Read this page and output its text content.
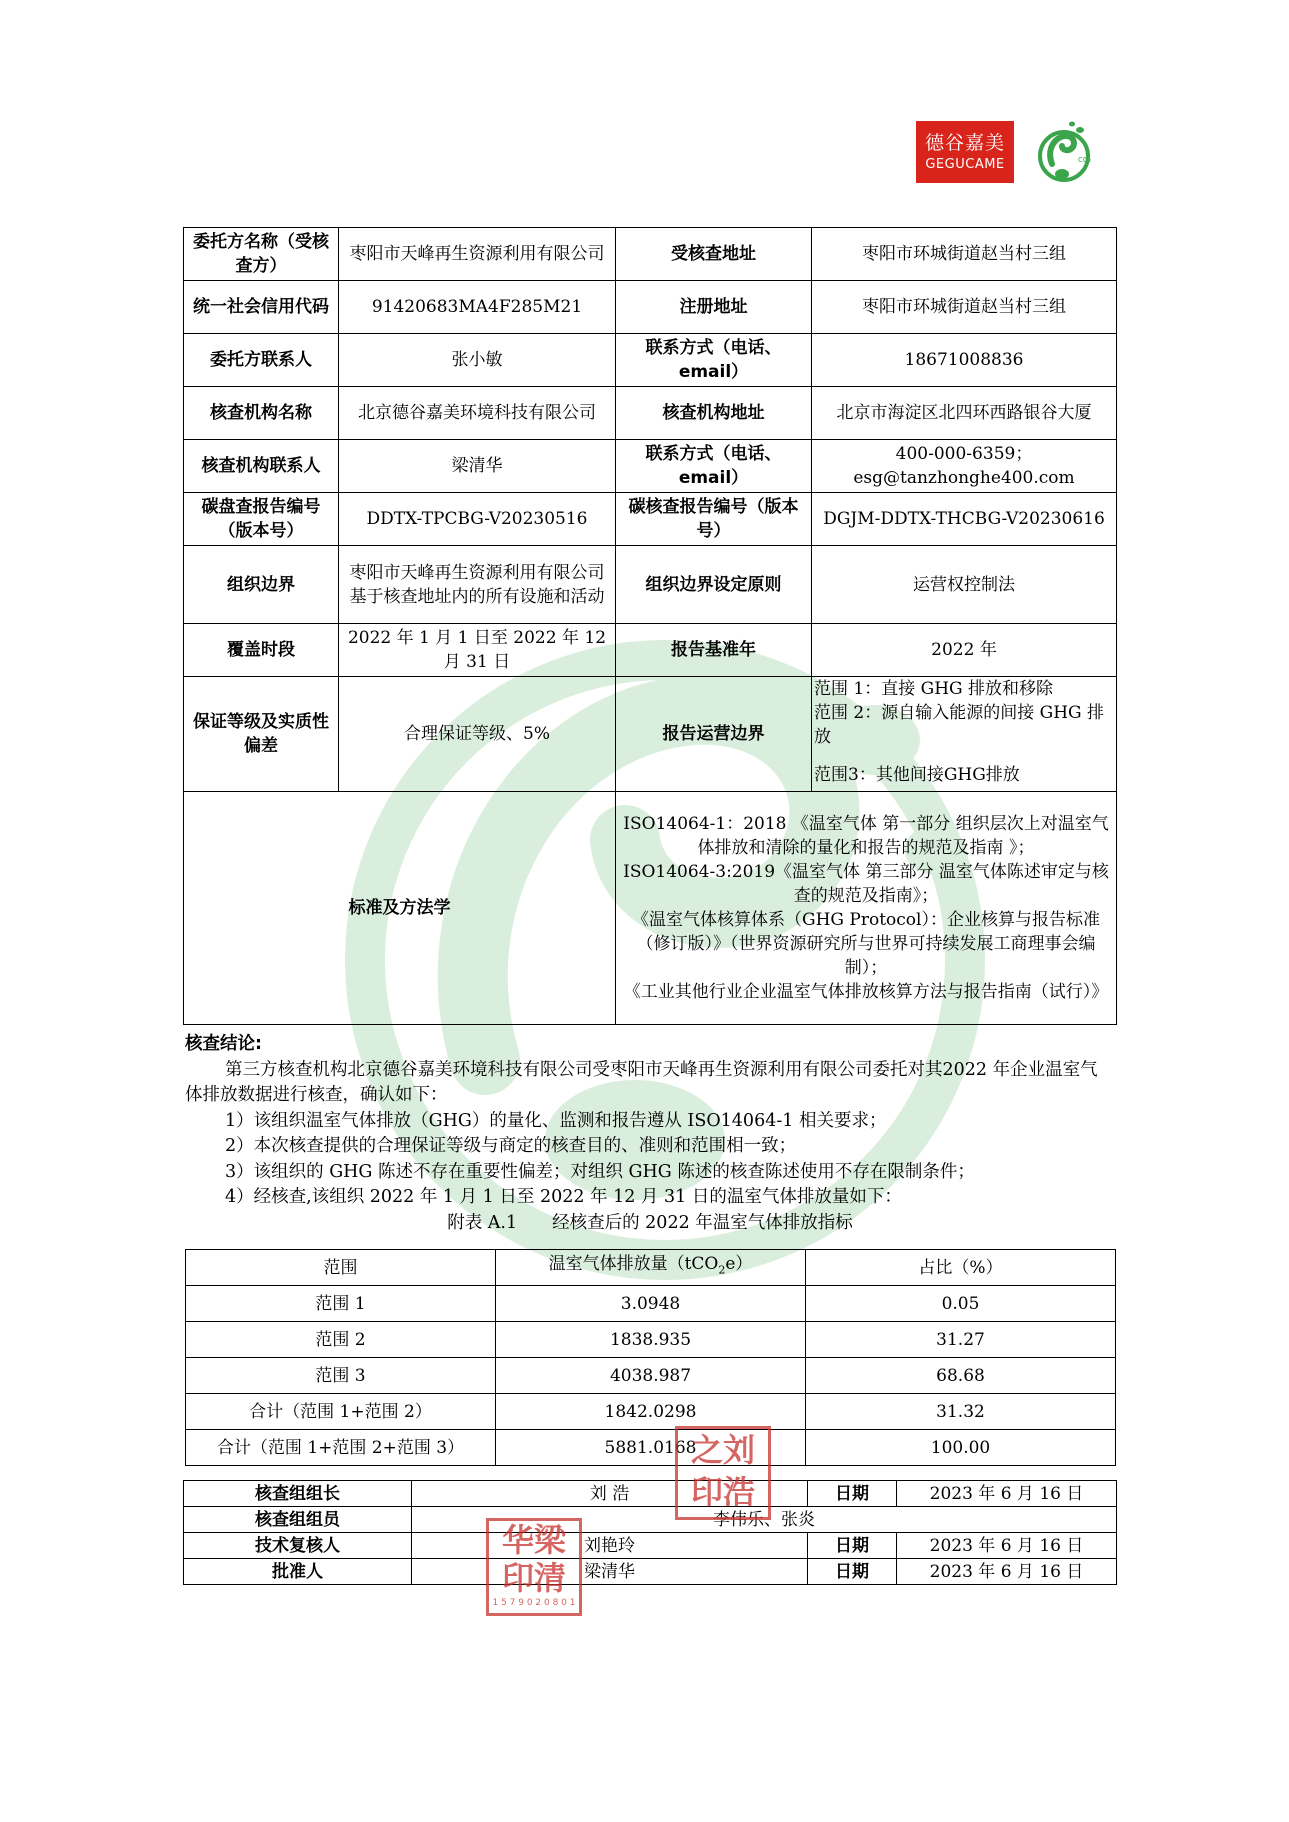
德谷嘉美
GEGUCAME	CO₂
委托方名称（受核查方）	枣阳市天峰再生资源利用有限公司	受核查地址	枣阳市环城街道赵当村三组
统一社会信用代码	91420683MA4F285M21	注册地址	枣阳市环城街道赵当村三组
委托方联系人	张小敏	联系方式（电话、email）	18671008836
核查机构名称	北京德谷嘉美环境科技有限公司	核查机构地址	北京市海淀区北四环西路银谷大厦
核查机构联系人	梁清华	联系方式（电话、email）	400-000-6359；esg@tanzhonghe400.com
碳盘查报告编号（版本号）	DDTX-TPCBG-V20230516	碳核查报告编号（版本号）	DGJM-DDTX-THCBG-V20230616
组织边界	枣阳市天峰再生资源利用有限公司基于核查地址内的所有设施和活动	组织边界设定原则	运营权控制法
覆盖时段	2022 年 1 月 1 日至 2022 年 12 月 31 日	报告基准年	2022 年
保证等级及实质性偏差	合理保证等级、5%	报告运营边界	范围 1：直接 GHG 排放和移除
范围 2：源自输入能源的间接 GHG 排放
范围3：其他间接GHG排放

标准及方法学		ISO14064-1：2018 《温室气体 第一部分 组织层次上对温室气体排放和清除的量化和报告的规范及指南 》；
ISO14064-3:2019《温室气体 第三部分 温室气体陈述审定与核查的规范及指南》；
《温室气体核算体系（GHG Protocol）：企业核算与报告标准（修订版）》（世界资源研究所与世界可持续发展工商理事会编制）；
《工业其他行业企业温室气体排放核算方法与报告指南（试行）》	
核查结论:
第三方核查机构北京德谷嘉美环境科技有限公司受枣阳市天峰再生资源利用有限公司委托对其2022 年企业温室气体排放数据进行核查，确认如下：
1）该组织温室气体排放（GHG）的量化、监测和报告遵从 ISO14064-1 相关要求；
2）本次核查提供的合理保证等级与商定的核查目的、准则和范围相一致；
3）该组织的 GHG 陈述不存在重要性偏差；对组织 GHG 陈述的核查陈述使用不存在限制条件；
4）经核查,该组织 2022 年 1 月 1 日至 2022 年 12 月 31 日的温室气体排放量如下：
附表 A.1　　经核查后的 2022 年温室气体排放指标
范围	温室气体排放量（tCO$_2$e）	占比（%）
范围 1	3.0948	0.05
范围 2	1838.935	31.27
范围 3	4038.987	68.68
合计（范围 1+范围 2）	1842.0298	31.32
合计（范围 1+范围 2+范围 3）	5881.0168	100.00
核查组组长	刘 浩	日期	2023 年 6 月 16 日
核查组组员	李伟乐、张炎		
技术复核人	刘艳玲	日期	2023 年 6 月 16 日
批准人	梁清华	日期	2023 年 6 月 16 日
之刘
印浩
华梁
印清
1 5 7 9 0 2 0 8 0 1
